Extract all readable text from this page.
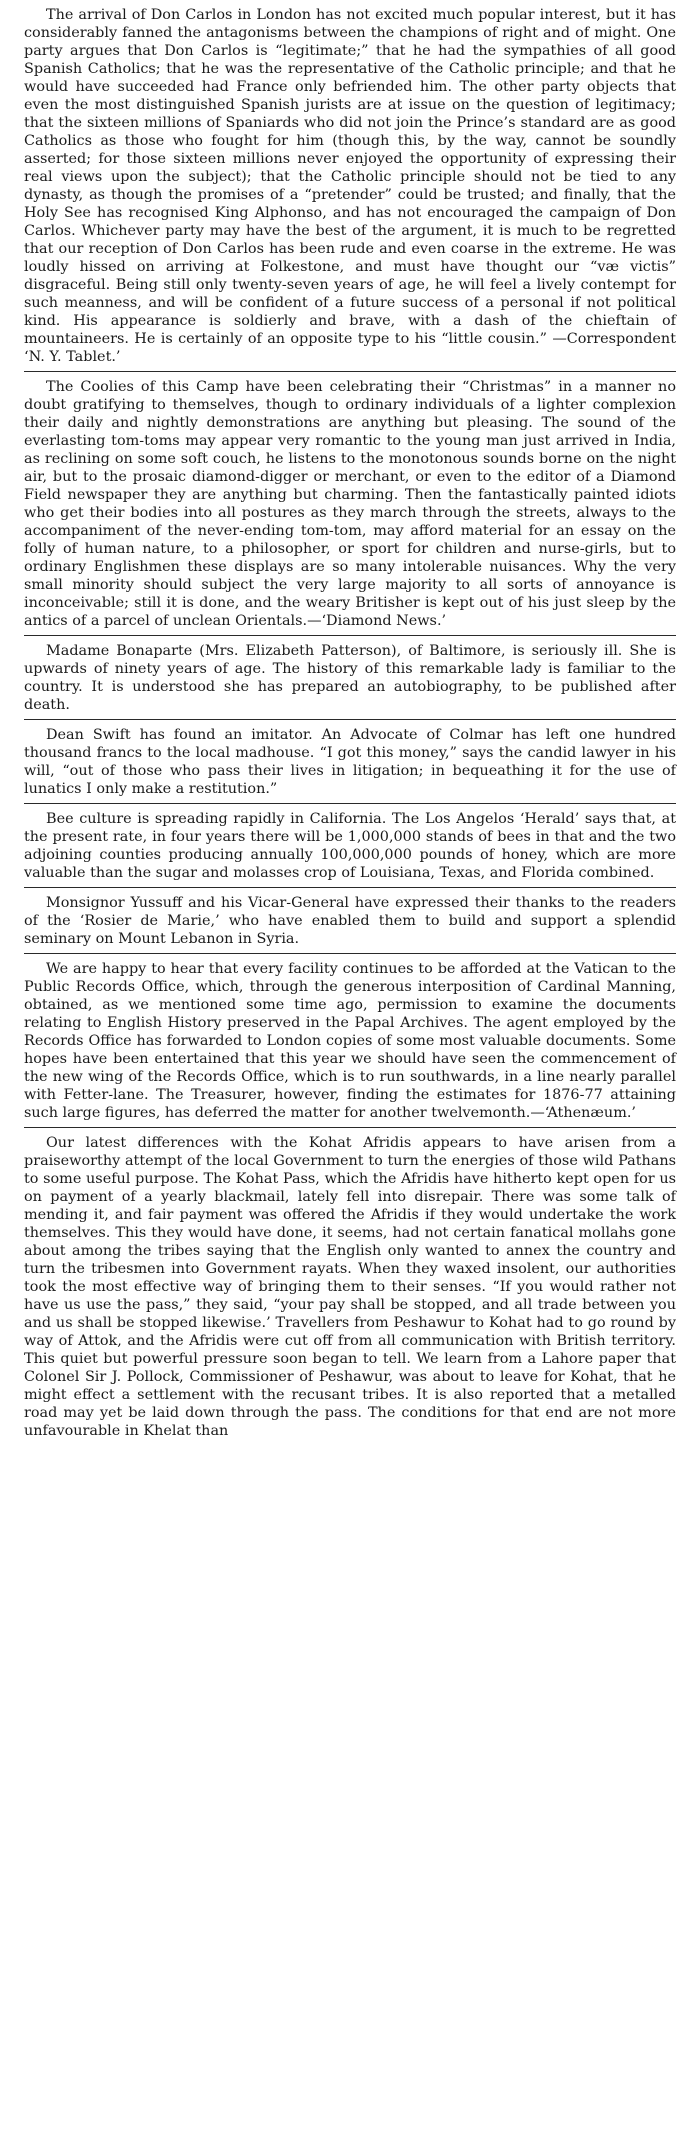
The arrival of Don Carlos in London has not excited much popular interest, but it has considerably fanned the antagonisms between the champions of right and of might. One party argues that Don Carlos is “legitimate;” that he had the sympathies of all good Spanish Catholics; that he was the representative of the Catholic principle; and that he would have succeeded had France only befriended him. The other party objects that even the most distinguished Spanish jurists are at issue on the question of legitimacy; that the sixteen millions of Spaniards who did not join the Prince’s standard are as good Catholics as those who fought for him (though this, by the way, cannot be soundly asserted; for those sixteen millions never enjoyed the opportunity of expressing their real views upon the subject); that the Catholic principle should not be tied to any dynasty, as though the promises of a “pretender” could be trusted; and finally, that the Holy See has recognised King Alphonso, and has not encouraged the campaign of Don Carlos. Whichever party may have the best of the argument, it is much to be regretted that our reception of Don Carlos has been rude and even coarse in the extreme. He was loudly hissed on arriving at Folkestone, and must have thought our “væ victis” disgraceful. Being still only twenty-seven years of age, he will feel a lively contempt for such meanness, and will be confident of a future success of a personal if not political kind. His appearance is soldierly and brave, with a dash of the chieftain of mountaineers. He is certainly of an opposite type to his “little cousin.” —Correspondent ‘N. Y. Tablet.’

The Coolies of this Camp have been celebrating their “Christmas” in a manner no doubt gratifying to themselves, though to ordinary individuals of a lighter complexion their daily and nightly demonstrations are anything but pleasing. The sound of the everlasting tom-toms may appear very romantic to the young man just arrived in India, as reclining on some soft couch, he listens to the monotonous sounds borne on the night air, but to the prosaic diamond-digger or merchant, or even to the editor of a Diamond Field newspaper they are anything but charming. Then the fantastically painted idiots who get their bodies into all postures as they march through the streets, always to the accompaniment of the never-ending tom-tom, may afford material for an essay on the folly of human nature, to a philosopher, or sport for children and nurse-girls, but to ordinary Englishmen these displays are so many intolerable nuisances. Why the very small minority should subject the very large majority to all sorts of annoyance is inconceivable; still it is done, and the weary Britisher is kept out of his just sleep by the antics of a parcel of unclean Orientals.—‘Diamond News.’

Madame Bonaparte (Mrs. Elizabeth Patterson), of Baltimore, is seriously ill. She is upwards of ninety years of age. The history of this remarkable lady is familiar to the country. It is understood she has prepared an autobiography, to be published after death.

Dean Swift has found an imitator. An Advocate of Colmar has left one hundred thousand francs to the local madhouse. “I got this money,” says the candid lawyer in his will, “out of those who pass their lives in litigation; in bequeathing it for the use of lunatics I only make a restitution.”

Bee culture is spreading rapidly in California. The Los Angelos ‘Herald’ says that, at the present rate, in four years there will be 1,000,000 stands of bees in that and the two adjoining counties producing annually 100,000,000 pounds of honey, which are more valuable than the sugar and molasses crop of Louisiana, Texas, and Florida combined.

Monsignor Yussuff and his Vicar-General have expressed their thanks to the readers of the ‘Rosier de Marie,’ who have enabled them to build and support a splendid seminary on Mount Lebanon in Syria.

We are happy to hear that every facility continues to be afforded at the Vatican to the Public Records Office, which, through the generous interposition of Cardinal Manning, obtained, as we mentioned some time ago, permission to examine the documents relating to English History preserved in the Papal Archives. The agent employed by the Records Office has forwarded to London copies of some most valuable documents. Some hopes have been entertained that this year we should have seen the commencement of the new wing of the Records Office, which is to run southwards, in a line nearly parallel with Fetter-lane. The Treasurer, however, finding the estimates for 1876-77 attaining such large figures, has deferred the matter for another twelvemonth.—‘Athenæum.’

Our latest differences with the Kohat Afridis appears to have arisen from a praiseworthy attempt of the local Government to turn the energies of those wild Pathans to some useful purpose. The Kohat Pass, which the Afridis have hitherto kept open for us on payment of a yearly blackmail, lately fell into disrepair. There was some talk of mending it, and fair payment was offered the Afridis if they would undertake the work themselves. This they would have done, it seems, had not certain fanatical mollahs gone about among the tribes saying that the English only wanted to annex the country and turn the tribesmen into Government rayats. When they waxed insolent, our authorities took the most effective way of bringing them to their senses. “If you would rather not have us use the pass,” they said, “your pay shall be stopped, and all trade between you and us shall be stopped likewise.’ Travellers from Peshawur to Kohat had to go round by way of Attok, and the Afridis were cut off from all communication with British territory. This quiet but powerful pressure soon began to tell. We learn from a Lahore paper that Colonel Sir J. Pollock, Commissioner of Peshawur, was about to leave for Kohat, that he might effect a settlement with the recusant tribes. It is also reported that a metalled road may yet be laid down through the pass. The conditions for that end are not more unfavourable in Khelat than
